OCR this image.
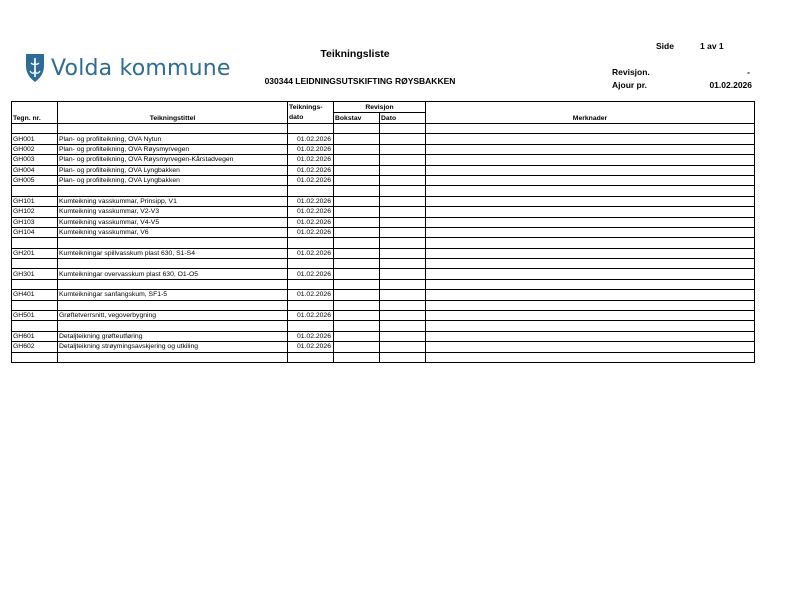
Volda kommune
Teikningsliste
030344 LEIDNINGSUTSKIFTING RØYSBAKKEN
Side	1 av 1
Revisjon.	-
Ajour pr.	01.02.2026
Tegn. nr.	Teikningstittel	Teiknings-	Revisjon		Merknader
		dato	Bokstav	Dato	

GH001	Plan- og profilteikning, OVA Nytun	01.02.2026			
GH002	Plan- og profilteikning, OVA Røysmyrvegen	01.02.2026			
GH003	Plan- og profilteikning, OVA Røysmyrvegen-Kårstadvegen	01.02.2026			
GH004	Plan- og profilteikning, OVA Lyngbakken	01.02.2026			
GH005	Plan- og profilteikning, OVA Lyngbakken	01.02.2026			

GH101	Kumteikning vasskummar, Prinsipp, V1	01.02.2026			
GH102	Kumteikning vasskummar, V2-V3	01.02.2026			
GH103	Kumteikning vasskummar, V4-V5	01.02.2026			
GH104	Kumteikning vasskummar, V6	01.02.2026			

GH201	Kumteikningar spillvasskum plast 630, S1-S4	01.02.2026			

GH301	Kumteikningar overvasskum plast 630, O1-O5	01.02.2026			

GH401	Kumteikningar sanfangskum, SF1-5	01.02.2026			

GH501	Grøftetverrsnitt, vegoverbygning	01.02.2026			

GH601	Detaljteikning grøfteutføring	01.02.2026			
GH602	Detaljteikning strøymingsavskjering og utkiling	01.02.2026			
